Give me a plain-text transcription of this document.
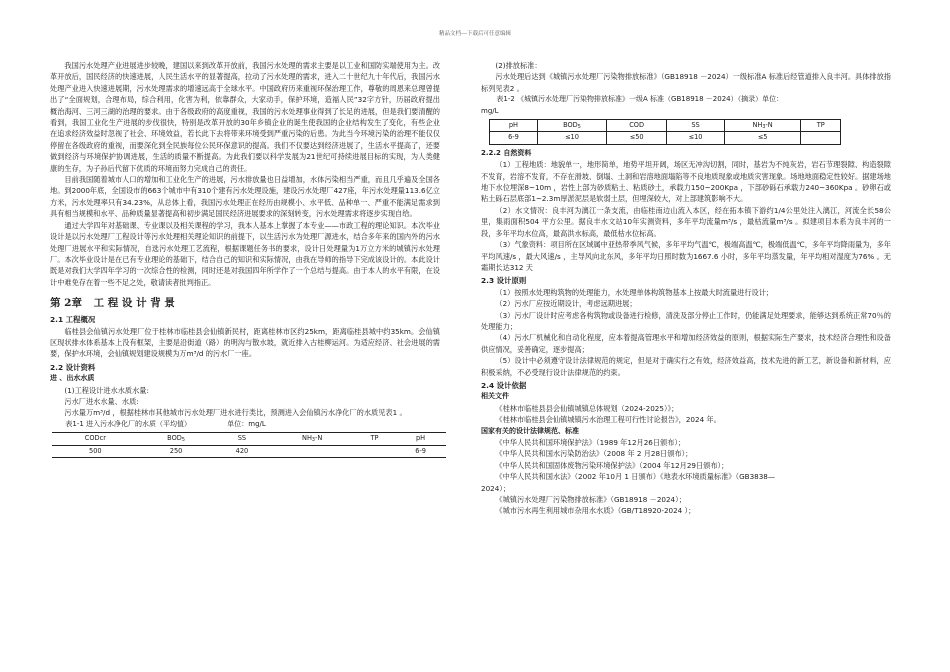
精品文档---下载后可任意编辑

我国污水处理产业进展进步较晚，建国以来到改革开放前，我国污水处理的需求主要是以工业和国防实端使用为主。改革开放后，国民经济的快速进展，人民生活水平的显著提高，拉动了污水处理的需求，进入二十世纪九十年代后，我国污水处理产业进入快速进展期，污水处理需求的增速远高于全球水平。中国政府历来重视环保治理工作，尊敬的周恩来总理曾提出了“全面规划，合理布局，综合利用，化害为利，依靠群众，大家动手，保护环境，造福人民”32字方针，历届政府提出概治海河、三河三湖的治理的要求。由于各级政府的高度重视，我国的污水处理事业得到了长足的进展，但是我们要清醒的看到，我国工业化生产进展的步伐很快，特别是改革开放的30年乡镇企业的诞生使我国的企业结构发生了变化，有些企业在追求经济效益时忽视了社会、环境效益，若长此下去将带来环境受到严重污染的后患。为此当今环境污染的治理不能仅仅停留在各级政府的重视，而要深化到全民族每位公民环保意识的提高。我们不仅要达到经济进展了，生活水平提高了，还要做到经济与环境保护协调进展，生活的质量不断提高。为此我们要以科学发展为21世纪可持续进展目标的实现，为人类健康的生存，为子孙后代留下优质的环境而努力完成自己的责任。

目前我国随着城市人口的增加和工业化生产的进展，污水排放量也日益增加，水体污染相当严重，而且几乎遍及全国各地。到2000年底，全国设市的663个城市中有310个建有污水处理设施，建设污水处理厂427座，年污水处理量113.6亿立方米，污水处理率只有34.23%，从总体上看，我国污水处理正在经历由规模小、水平低、品种单一、严重不能满足需求到具有相当规模和水平、品种质量显著提高和初步满足国民经济进展要求的深刻转变，污水处理需求将逐步实现自给。

通过大学四年对基础课、专业课以及相关课程的学习，我本人基本上掌握了本专业——市政工程的理论知识。本次毕业设计是以污水处理厂工程设计等污水处理相关理论知识的前提下，以生活污水为处理厂源进水，结合多年来的国内外的污水处理厂进展水平和实际情况，自选污水处理工艺流程，根据课题任务书的要求，设计日处理量为1万立方米的城镇污水处理厂。本次毕业设计是在已有专业理论的基础下，结合自己的知识和实际情况，由我在导师的指导下完成该设计的。本此设计既是对我们大学四年学习的一次综合性的检测，同时还是对我国四年所学作了一个总结与提高。由于本人的水平有限，在设计中难免存在着一些不足之处，敬请读者批判指正。

第 2章 工 程 设 计 背 景
2.1 工程概况

临桂县会仙镇污水处理厂位于桂林市临桂县会仙镇新民村，距离桂林市区约25km，距离临桂县城中约35km。会仙镇区现状排水体系基本上没有框架，主要是沿街道（路）的明沟与散水坡，就近排入古桂柳运河。为适应经济、社会进展的需要，保护水环境，会仙镇规划建设规模为万m³/d 的污水厂一座。

2.2 设计资料
进 、出水水质

(1)工程设计进水水质水量:

污水厂进水水量、水质:

污水量万m³/d ，根据桂林市其他城市污水处理厂进水进行类比，预测进入会仙镇污水净化厂的水质见表1 。

表1-1 进入污水净化厂的水质（平均值）	单位：mg/L
CODcr	$BOD_5$	SS	$NH_3-N$	TP	pH
500	250	420			6-9
(2)排放标准：

污水处理后达到《城镇污水处理厂污染物排放标准》（GB18918 －2024）一级标准A 标准后经管道排入良丰河。具体排放指标列见表2 。

表1-2 《城镇污水处理厂污染物排放标准》一级A 标准（GB18918 －2024）（摘录）单位：
mg/L
pH	$BOD_5$	COD	SS	$NH_3-N$	TP
6-9	≤10	≤50	≤10	≤5	
2.2.2 自然资料

（1）工程地质：地貌单一，地形简单，地势平坦开阔，场区无冲沟切割，同时，基岩为不纯灰岩，岩石节理裂隙、构造裂隙不发育，岩溶不发育，不存在滑坡、倒塌、土洞和岩溶地面塌陷等不良地质现象或地质灾害现象。场地地面稳定性较好。据建场地地下水位埋深8~10m ，岩性上部为砂质粘土、粘质砂土，承载力150~200Kpa ，下部砂砾石承载力240~360Kpa 。砂卵石或粘土砾石层底部1~2.3m厚淤泥层是软弱土层，但埋深较大，对上部建筑影响不大。

（2）水文情况：良丰河为漓江一条支流，由临桂南边山流入本区，经在拓本镇下游约1/4公里处注入漓江，河流全长58公里，集雨面积504 平方公里。据良丰水文站10年实测资料，多年平均流量m³/s ，最枯流量m³/s 。拟建项目本系为良丰河的一段，多年平均水位高，最高洪水标高，最低枯水位标高。

（3）气象资料：项目所在区域属中亚热带季风气候，多年平均气温℃，极端高温℃，极端低温℃，多年平均降雨量为，多年平均风速/s ，最大风速/s ，主导风向北东风，多年平均日照时数为1667.6 小时，多年平均蒸发量，年平均相对湿度为76% 。无霜期长达312 天

2.3 设计原则

（1）按照水处理构筑物的处理能力，水处理单体构筑物基本上按最大时流量进行设计；

（2）污水厂应按近期设计，考虑远期进展；

（3）污水厂设计时应考虑各构筑物或设备进行检修，清洗及部分停止工作时，仍能满足处理要求，能够达到系统正常70％的处理能力；

（4）污水厂机械化和自动化程度，应本着提高管理水平和增加经济效益的原则，根据实际生产要求，技术经济合理性和设备供应情况，妥善确定，逐步提高；

（5）设计中必须遵守设计法律规范的规定，但是对于确实行之有效，经济效益高，技术先进的新工艺，新设备和新材料，应积极采纳，不必受现行设计法律规范的约束。

2.4 设计依据
相关文件

《桂林市临桂县县会仙镇城镇总体规划（2024-2025）》；

《桂林市临桂县会仙镇城镇污水治理工程可行性讨论报告》，2024 年。

国家有关的设计法律规范、标准

《中华人民共和国环境保护法》（1989 年12月26日颁布）；

《中华人民共和国水污染防治法》（2008 年 2 月28日颁布）；

《中华人民共和国固体废物污染环境保护法》（2004 年12月29日颁布）；

《中华人民共和国水法》（2002 年10月 1 日颁布）《地表水环境质量标准》（GB3838—

2024）；

《城镇污水处理厂污染物排放标准》（GB18918 －2024）；

《城市污水再生利用城市杂用水水质》（GB/T18920-2024 ）；
